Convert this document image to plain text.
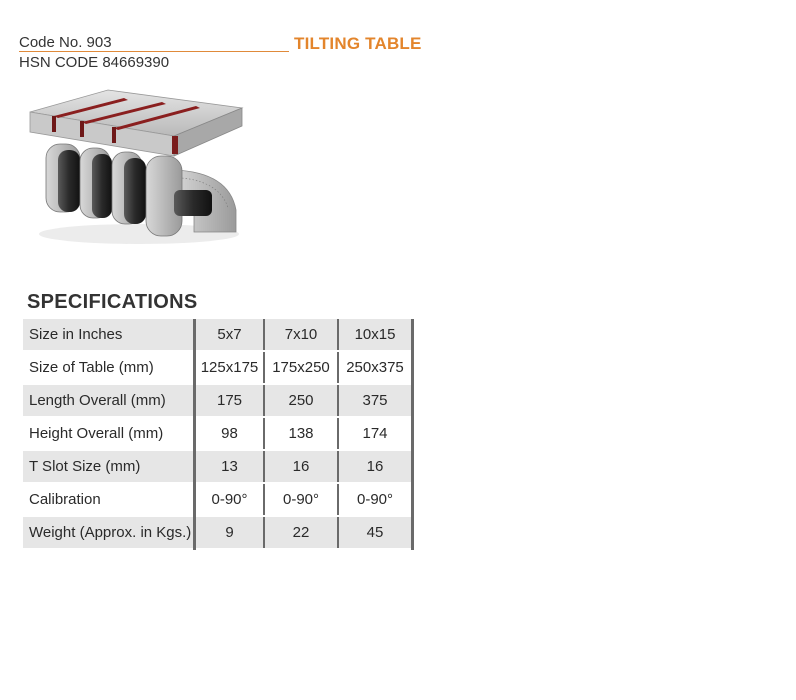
Code No. 903	TILTING TABLE
HSN CODE 84669390
SPECIFICATIONS
Size in Inches	5x7	7x10	10x15
Size of Table (mm)	125x175	175x250	250x375
Length Overall (mm)	175	250	375
Height Overall (mm)	98	138	174
T Slot Size (mm)	13	16	16
Calibration	0-90°	0-90°	0-90°
Weight (Approx. in Kgs.)	9	22	45
